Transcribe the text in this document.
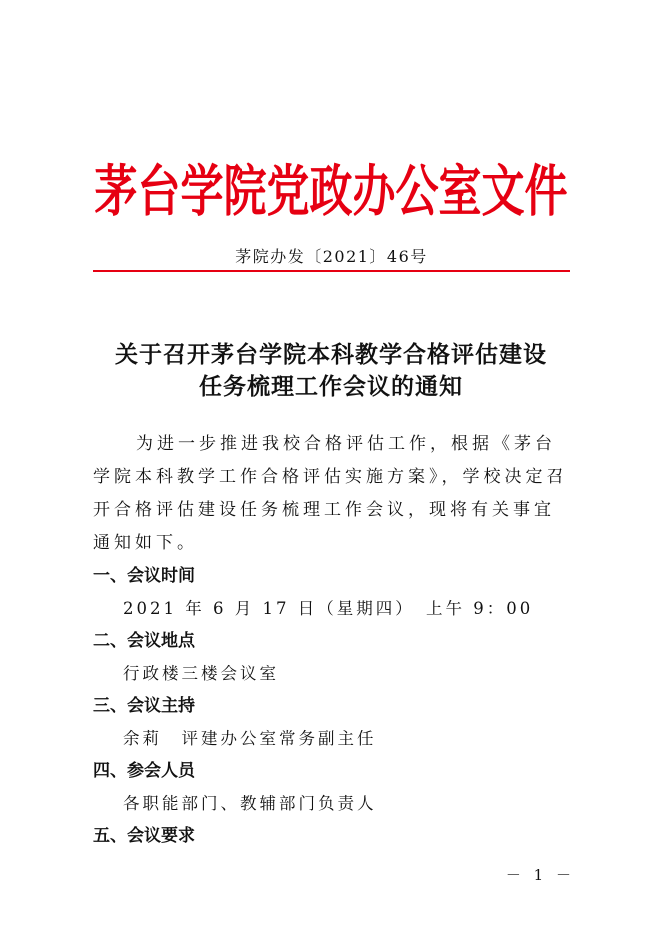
茅台学院党政办公室文件
茅院办发〔2021〕46号
关于召开茅台学院本科教学合格评估建设
任务梳理工作会议的通知

为进一步推进我校合格评估工作，根据《茅台学院本科教学工作合格评估实施方案》，学校决定召开合格评估建设任务梳理工作会议，现将有关事宜通知如下。

一、会议时间
2021 年 6 月 17 日（星期四）　上午 9：00
二、会议地点
行政楼三楼会议室
三、会议主持
余莉　评建办公室常务副主任
四、参会人员
各职能部门、教辅部门负责人
五、会议要求
－ 1 －
